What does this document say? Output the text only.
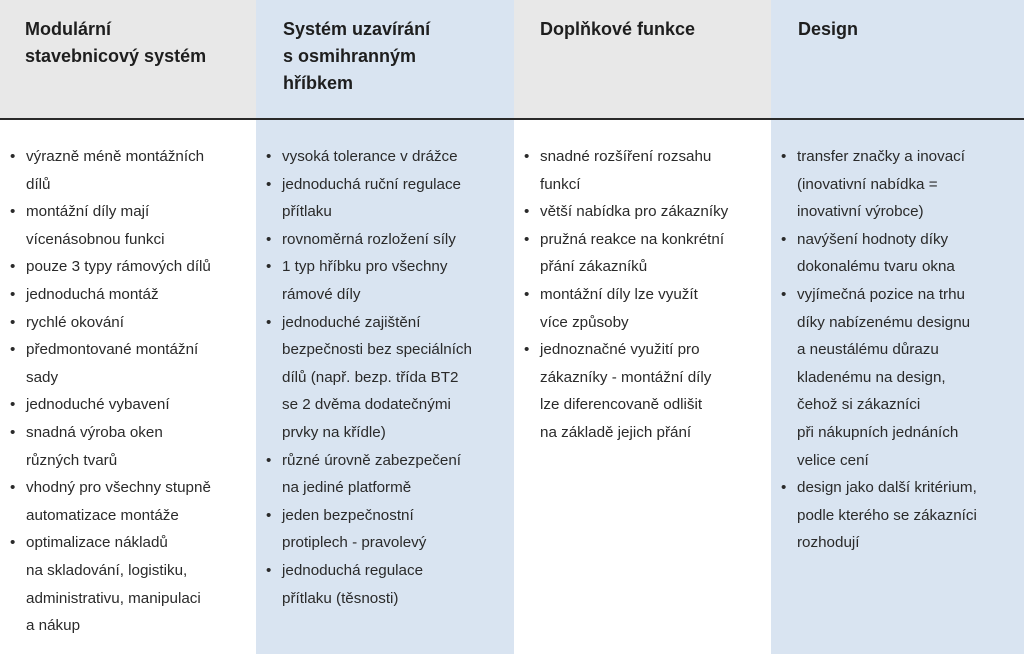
Modulární
stavebnicový systém
• výrazně méně montážních
dílů
• montážní díly mají
vícenásobnou funkci
• pouze 3 typy rámových dílů
• jednoduchá montáž
• rychlé okování
• předmontované montážní
sady
• jednoduché vybavení
• snadná výroba oken
různých tvarů
• vhodný pro všechny stupně
automatizace montáže
• optimalizace nákladů
na skladování, logistiku,
administrativu, manipulaci
a nákup
Systém uzavírání
s osmihranným
hříbkem
• vysoká tolerance v drážce
• jednoduchá ruční regulace
přítlaku
• rovnoměrná rozložení síly
• 1 typ hříbku pro všechny
rámové díly
• jednoduché zajištění
bezpečnosti bez speciálních
dílů (např. bezp. třída BT2
se 2 dvěma dodatečnými
prvky na křídle)
• různé úrovně zabezpečení
na jediné platformě
• jeden bezpečnostní
protiplech - pravolevý
• jednoduchá regulace
přítlaku (těsnosti)
Doplňkové funkce
• snadné rozšíření rozsahu
funkcí
• větší nabídka pro zákazníky
• pružná reakce na konkrétní
přání zákazníků
• montážní díly lze využít
více způsoby
• jednoznačné využití pro
zákazníky - montážní díly
lze diferencovaně odlišit
na základě jejich přání
Design
• transfer značky a inovací
(inovativní nabídka =
inovativní výrobce)
• navýšení hodnoty díky
dokonalému tvaru okna
• vyjímečná pozice na trhu
díky nabízenému designu
a neustálému důrazu
kladenému na design,
čehož si zákazníci
při nákupních jednáních
velice cení
• design jako další kritérium,
podle kterého se zákazníci
rozhodují
